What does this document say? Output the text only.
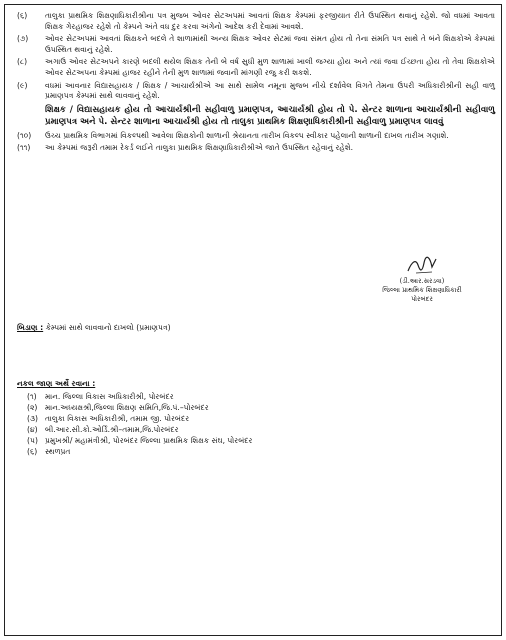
(૬)	તાલુકા પ્રાથમિક શિક્ષણાધિકારીશ્રીના પત્ર મુજબ ઓવર સેટઅપમાં આવતાં શિક્ષક કેમ્પમાં ફરજીયાત રીતે ઉપસ્થિત થવાનું રહેશે. જો વધમાં આવતા શિક્ષક ગેરહાજર રહેશે તો કેમ્પને અંતે વધ દુર કરવા અંગેનો આદેશ કરી દેવામાં આવશે.
(૭)	ઓવર સેટઅપમાં આવતાં શિક્ષકને બદલે તે શાળામાંથી અન્ય શિક્ષક ઓવર સેટમાં જવા સંમત હોય તો તેના સંમતિ પત્ર સાથે તે બંને શિક્ષકોએ કેમ્પમાં ઉપસ્થિત થવાનું રહેશે.
(૮)	અગાઉ ઓવર સેટઅપને કારણે બદલી થયેલ શિક્ષક તેની બે વર્ષ સુધી મુળ શાળામાં ખાલી જગ્યા હોય અને ત્યાં જવા ઈચ્છતા હોય તો તેવા શિક્ષકોએ ઓવર સેટઅપના કેમ્પમાં હાજર રહીને તેની મુળ શાળામાં જવાની માંગણી રજુ કરી શકશે.
(૯)	વધમાં આવનાર વિદ્યાસહાયક / શિક્ષક / આચાર્યશ્રીએ આ સાથે સામેલ નમૂના મુજબ નીચે દર્શાવેલ વિગતે તેમના ઉપરી અધિકારીશ્રીની સહી વાળુ પ્રમાણપત્ર કેમ્પમાં સાથે લાવવાનું રહેશે.
શિક્ષક / વિદ્યાસહાયક હોય તો આચાર્યશ્રીની સહીવાળુ પ્રમાણપત્ર, આચાર્યશ્રી હોય તો પે. સેન્ટર શાળાના આચાર્યશ્રીની સહીવાળુ પ્રમાણપત્ર અને પે. સેન્ટર શાળાના આચાર્યશ્રી હોય તો તાલુકા પ્રાથમિક શિક્ષણાધિકારીશ્રીની સહીવાળુ પ્રમાણપત્ર લાવવું
(૧૦)	ઉચ્ચ પ્રાથમિક વિભાગમાં વિકલ્પથી આવેલા શિક્ષકોની શાળાની શ્રેયાનતા તારીખ વિકલ્પ સ્વીકાર પહેલાની શાળાની દાખલ તારીખ ગણાશે.
(૧૧)	આ કેમ્પમાં જરૂરી તમામ રેકર્ડ લઈને તાલુકા પ્રાથમિક શિક્ષણાધિકારીશ્રીએ જાતે ઉપસ્થિત રહેવાનું રહેશે.
(ડી.આર.સરડવા)
જિલ્લા પ્રાથમિક શિક્ષણાધિકારી
પોરબંદર
બિડાણ : કેમ્પમાં સાથે લાવવાનો દાખલો (પ્રમાણપત્ર)
નકલ જાણ અર્થે રવાના :
(૧)	માન. જિલ્લા વિકાસ અધિકારીશ્રી, પોરબંદર
(૨)	માન.અધ્યક્ષશ્રી,જિલ્લા શિક્ષણ સમિતિ,જિ.પં.–પોરબંદર
(૩) તાલુકા વિકાસ અધિકારીશ્રી, તમામ જી. પોરબંદર
(૪) બી.આર.સી.કો.ઓર્ડિ.શ્રી–તમામ,જિ.પોરબંદર
(૫) પ્રમુખશ્રી/ મહામંત્રીશ્રી, પોરબંદર જિલ્લા પ્રાથમિક શિક્ષક સંઘ, પોરબંદર
(૬)	સ્થળપ્રત
